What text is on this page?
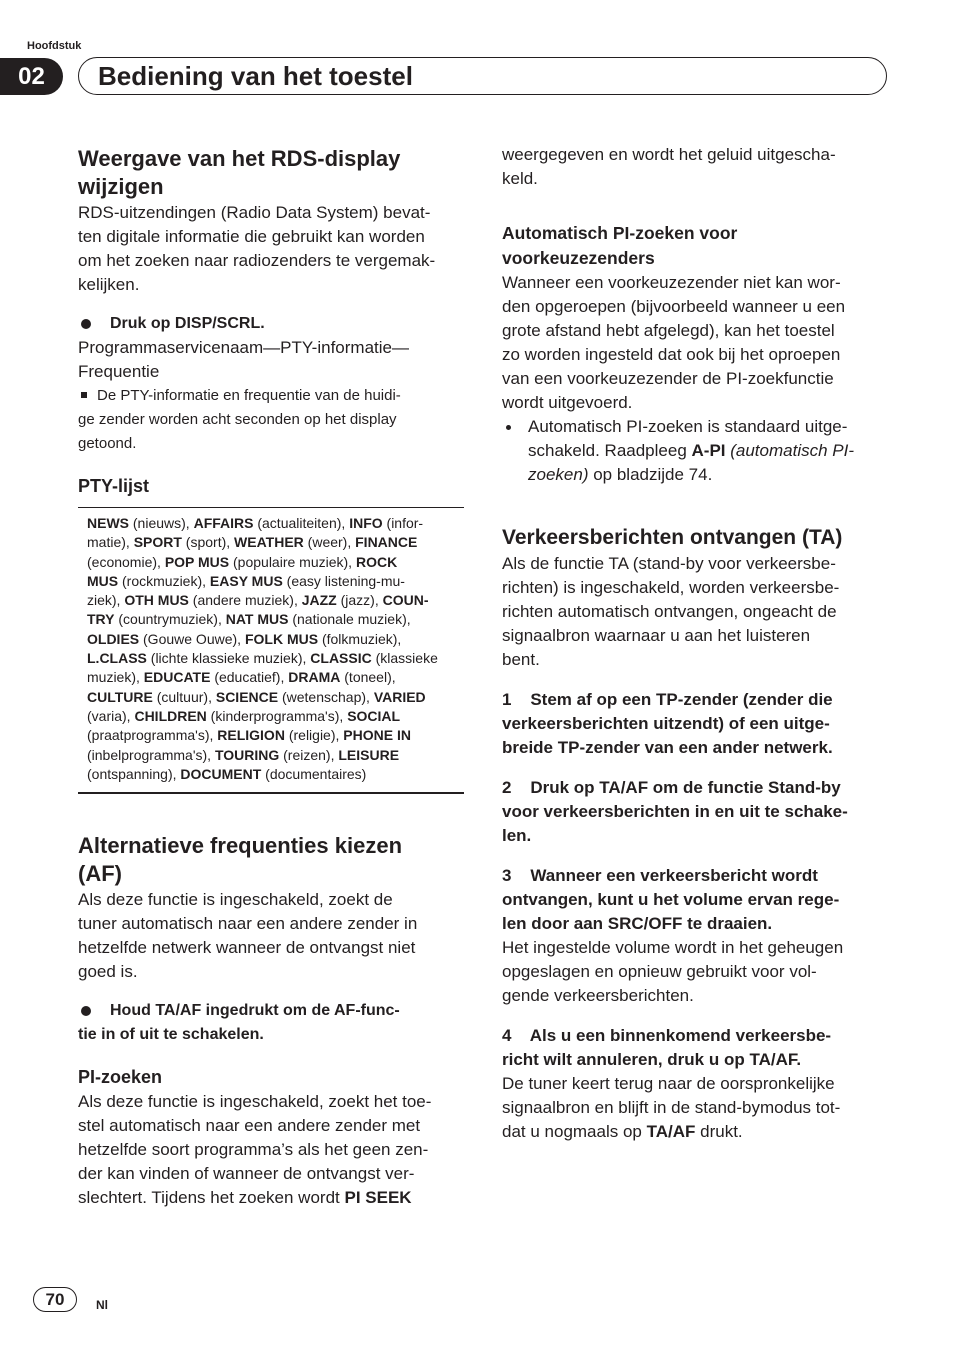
Hoofdstuk
02	Bediening van het toestel
Weergave van het RDS-display
wijzigen
RDS-uitzendingen (Radio Data System) bevat-
ten digitale informatie die gebruikt kan worden
om het zoeken naar radiozenders te vergemak-
kelijken.
Druk op DISP/SCRL.
Programmaservicenaam—PTY-informatie—
Frequentie
De PTY-informatie en frequentie van de huidi-
ge zender worden acht seconden op het display
getoond.
PTY-lijst
NEWS (nieuws), AFFAIRS (actualiteiten), INFO (infor-
matie), SPORT (sport), WEATHER (weer), FINANCE
(economie), POP MUS (populaire muziek), ROCK
MUS (rockmuziek), EASY MUS (easy listening-mu-
ziek), OTH MUS (andere muziek), JAZZ (jazz), COUN-
TRY (countrymuziek), NAT MUS (nationale muziek),
OLDIES (Gouwe Ouwe), FOLK MUS (folkmuziek),
L.CLASS (lichte klassieke muziek), CLASSIC (klassieke
muziek), EDUCATE (educatief), DRAMA (toneel),
CULTURE (cultuur), SCIENCE (wetenschap), VARIED
(varia), CHILDREN (kinderprogramma's), SOCIAL
(praatprogramma's), RELIGION (religie), PHONE IN
(inbelprogramma's), TOURING (reizen), LEISURE
(ontspanning), DOCUMENT (documentaires)
Alternatieve frequenties kiezen
(AF)
Als deze functie is ingeschakeld, zoekt de
tuner automatisch naar een andere zender in
hetzelfde netwerk wanneer de ontvangst niet
goed is.
Houd TA/AF ingedrukt om de AF-func-
tie in of uit te schakelen.
PI-zoeken
Als deze functie is ingeschakeld, zoekt het toe-
stel automatisch naar een andere zender met
hetzelfde soort programma’s als het geen zen-
der kan vinden of wanneer de ontvangst ver-
slechtert. Tijdens het zoeken wordt PI SEEK
weergegeven en wordt het geluid uitgescha-
keld.
Automatisch PI-zoeken voor
voorkeuzezenders
Wanneer een voorkeuzezender niet kan wor-
den opgeroepen (bijvoorbeeld wanneer u een
grote afstand hebt afgelegd), kan het toestel
zo worden ingesteld dat ook bij het oproepen
van een voorkeuzezender de PI-zoekfunctie
wordt uitgevoerd.
Automatisch PI-zoeken is standaard uitge-
schakeld. Raadpleeg A-PI (automatisch PI-
zoeken) op bladzijde 74.
Verkeersberichten ontvangen (TA)
Als de functie TA (stand-by voor verkeersbe-
richten) is ingeschakeld, worden verkeersbe-
richten automatisch ontvangen, ongeacht de
signaalbron waarnaar u aan het luisteren
bent.
1    Stem af op een TP-zender (zender die
verkeersberichten uitzendt) of een uitge-
breide TP-zender van een ander netwerk.
2    Druk op TA/AF om de functie Stand-by
voor verkeersberichten in en uit te schake-
len.
3    Wanneer een verkeersbericht wordt
ontvangen, kunt u het volume ervan rege-
len door aan SRC/OFF te draaien.
Het ingestelde volume wordt in het geheugen
opgeslagen en opnieuw gebruikt voor vol-
gende verkeersberichten.
4    Als u een binnenkomend verkeersbe-
richt wilt annuleren, druk u op TA/AF.
De tuner keert terug naar de oorspronkelijke
signaalbron en blijft in de stand-bymodus tot-
dat u nogmaals op TA/AF drukt.
70	Nl
